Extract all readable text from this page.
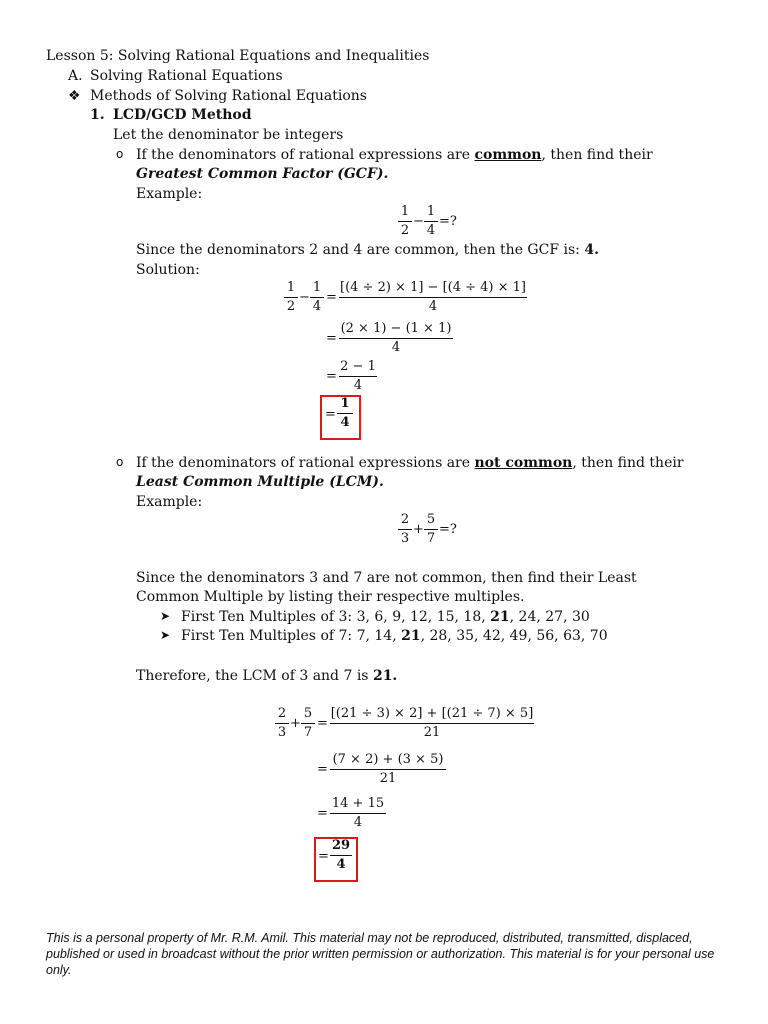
Lesson 5: Solving Rational Equations and Inequalities
A. Solving Rational Equations
❖ Methods of Solving Rational Equations
1. LCD/GCD Method
Let the denominator be integers
o If the denominators of rational expressions are common, then find their
Greatest Common Factor (GCF).
Example:
1
2
−
1
4
=?
Since the denominators 2 and 4 are common, then the GCF is: 4.
Solution:
1
2
−
1
4
=
[(4 ÷ 2) × 1] − [(4 ÷ 4) × 1]
4
=
(2 × 1) − (1 × 1)
4
=
2 − 1
4
=
1
4
o If the denominators of rational expressions are not common, then find their
Least Common Multiple (LCM).
Example:
2
3
+
5
7
=?
Since the denominators 3 and 7 are not common, then find their Least
Common Multiple by listing their respective multiples.
➤ First Ten Multiples of 3: 3, 6, 9, 12, 15, 18, 21, 24, 27, 30
➤ First Ten Multiples of 7: 7, 14, 21, 28, 35, 42, 49, 56, 63, 70
Therefore, the LCM of 3 and 7 is 21.
2
3
+
5
7
=
[(21 ÷ 3) × 2] + [(21 ÷ 7) × 5]
21
=
(7 × 2) + (3 × 5)
21
=
14 + 15
4
=
29
4
This is a personal property of Mr. R.M. Amil. This material may not be reproduced, distributed, transmitted, displaced, published or used in broadcast without the prior written permission or authorization. This material is for your personal use only.
